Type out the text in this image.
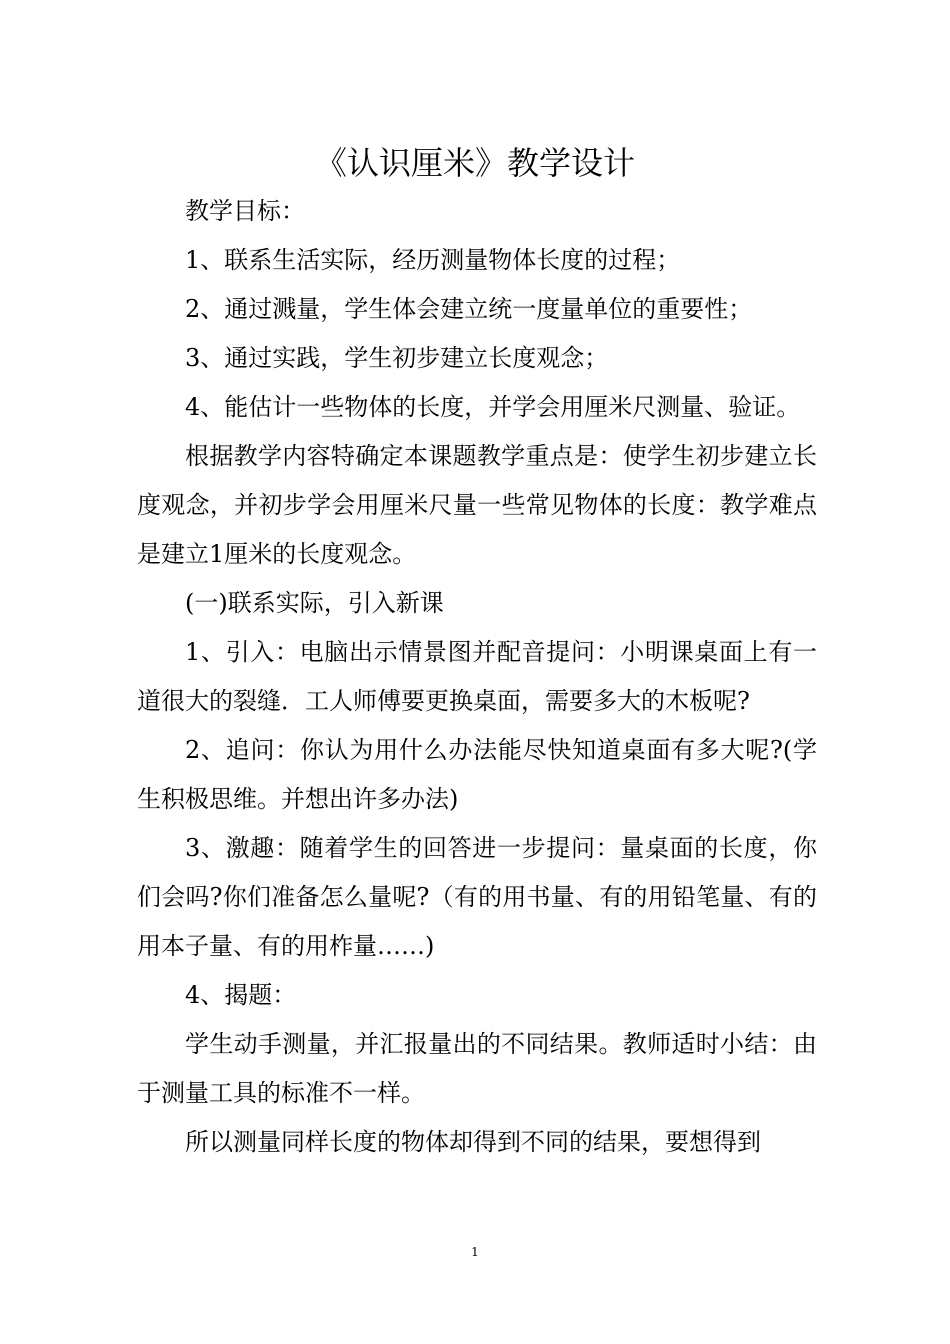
《认识厘米》教学设计

教学目标：

1、联系生活实际，经历测量物体长度的过程；

2、通过溅量，学生体会建立统一度量单位的重要性；

3、通过实践，学生初步建立长度观念；

4、能估计一些物体的长度，并学会用厘米尺测量、验证。

根据教学内容特确定本课题教学重点是：使学生初步建立长度观念，并初步学会用厘米尺量一些常见物体的长度：教学难点是建立1厘米的长度观念。

(一)联系实际，引入新课

1、引入：电脑出示情景图并配音提问：小明课桌面上有一道很大的裂缝．工人师傅要更换桌面，需要多大的木板呢?

2、追问：你认为用什么办法能尽快知道桌面有多大呢?(学生积极思维。并想出许多办法)

3、激趣：随着学生的回答进一步提问：量桌面的长度，你们会吗?你们准备怎么量呢?（有的用书量、有的用铅笔量、有的用本子量、有的用柞量……)

4、揭题：

学生动手测量，并汇报量出的不同结果。教师适时小结：由于测量工具的标准不一样。

所以测量同样长度的物体却得到不同的结果，要想得到

1
